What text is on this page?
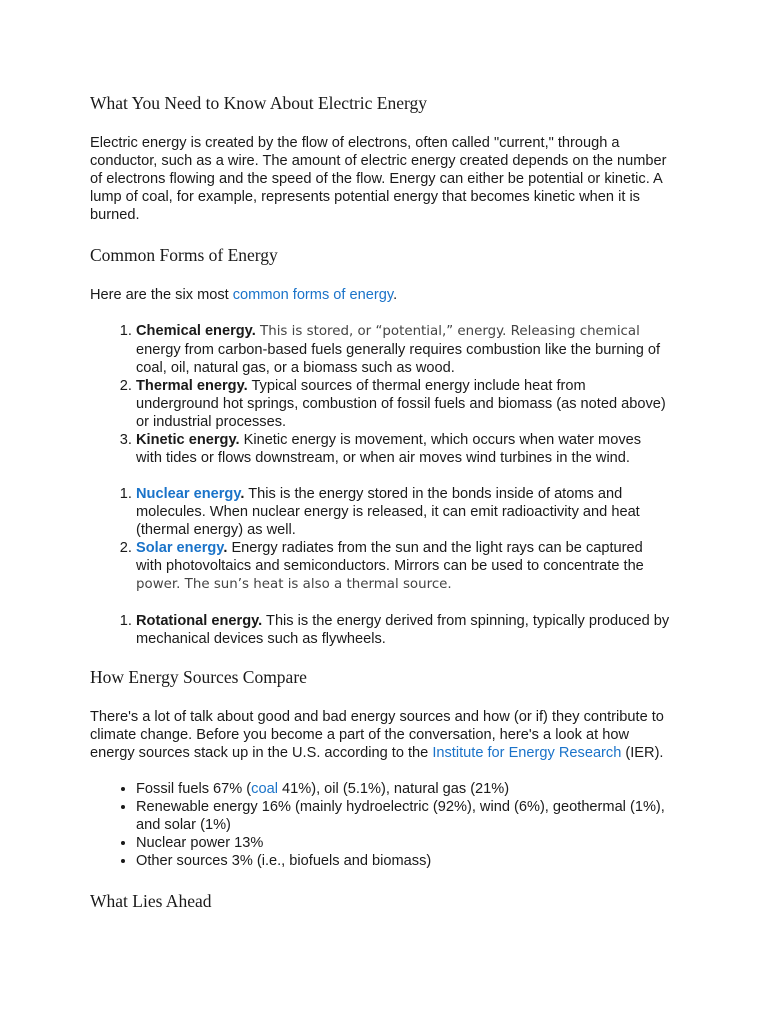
What You Need to Know About Electric Energy

Electric energy is created by the flow of electrons, often called "current," through a conductor, such as a wire. The amount of electric energy created depends on the number of electrons flowing and the speed of the flow. Energy can either be potential or kinetic. A lump of coal, for example, represents potential energy that becomes kinetic when it is burned.

Common Forms of Energy

Here are the six most common forms of energy.

1. Chemical energy. This is stored, or “potential,” energy. Releasing chemical energy from carbon-based fuels generally requires combustion like the burning of coal, oil, natural gas, or a biomass such as wood.
2. Thermal energy. Typical sources of thermal energy include heat from underground hot springs, combustion of fossil fuels and biomass (as noted above) or industrial processes.
3. Kinetic energy. Kinetic energy is movement, which occurs when water moves with tides or flows downstream, or when air moves wind turbines in the wind.
1. Nuclear energy. This is the energy stored in the bonds inside of atoms and molecules. When nuclear energy is released, it can emit radioactivity and heat (thermal energy) as well.
2. Solar energy. Energy radiates from the sun and the light rays can be captured with photovoltaics and semiconductors. Mirrors can be used to concentrate the power. The sun’s heat is also a thermal source.
1. Rotational energy. This is the energy derived from spinning, typically produced by mechanical devices such as flywheels.
How Energy Sources Compare

There's a lot of talk about good and bad energy sources and how (or if) they contribute to climate change. Before you become a part of the conversation, here's a look at how energy sources stack up in the U.S. according to the Institute for Energy Research (IER).

• Fossil fuels 67% (coal 41%), oil (5.1%), natural gas (21%)
• Renewable energy 16% (mainly hydroelectric (92%), wind (6%), geothermal (1%), and solar (1%)
• Nuclear power 13%
• Other sources 3% (i.e., biofuels and biomass)
What Lies Ahead
